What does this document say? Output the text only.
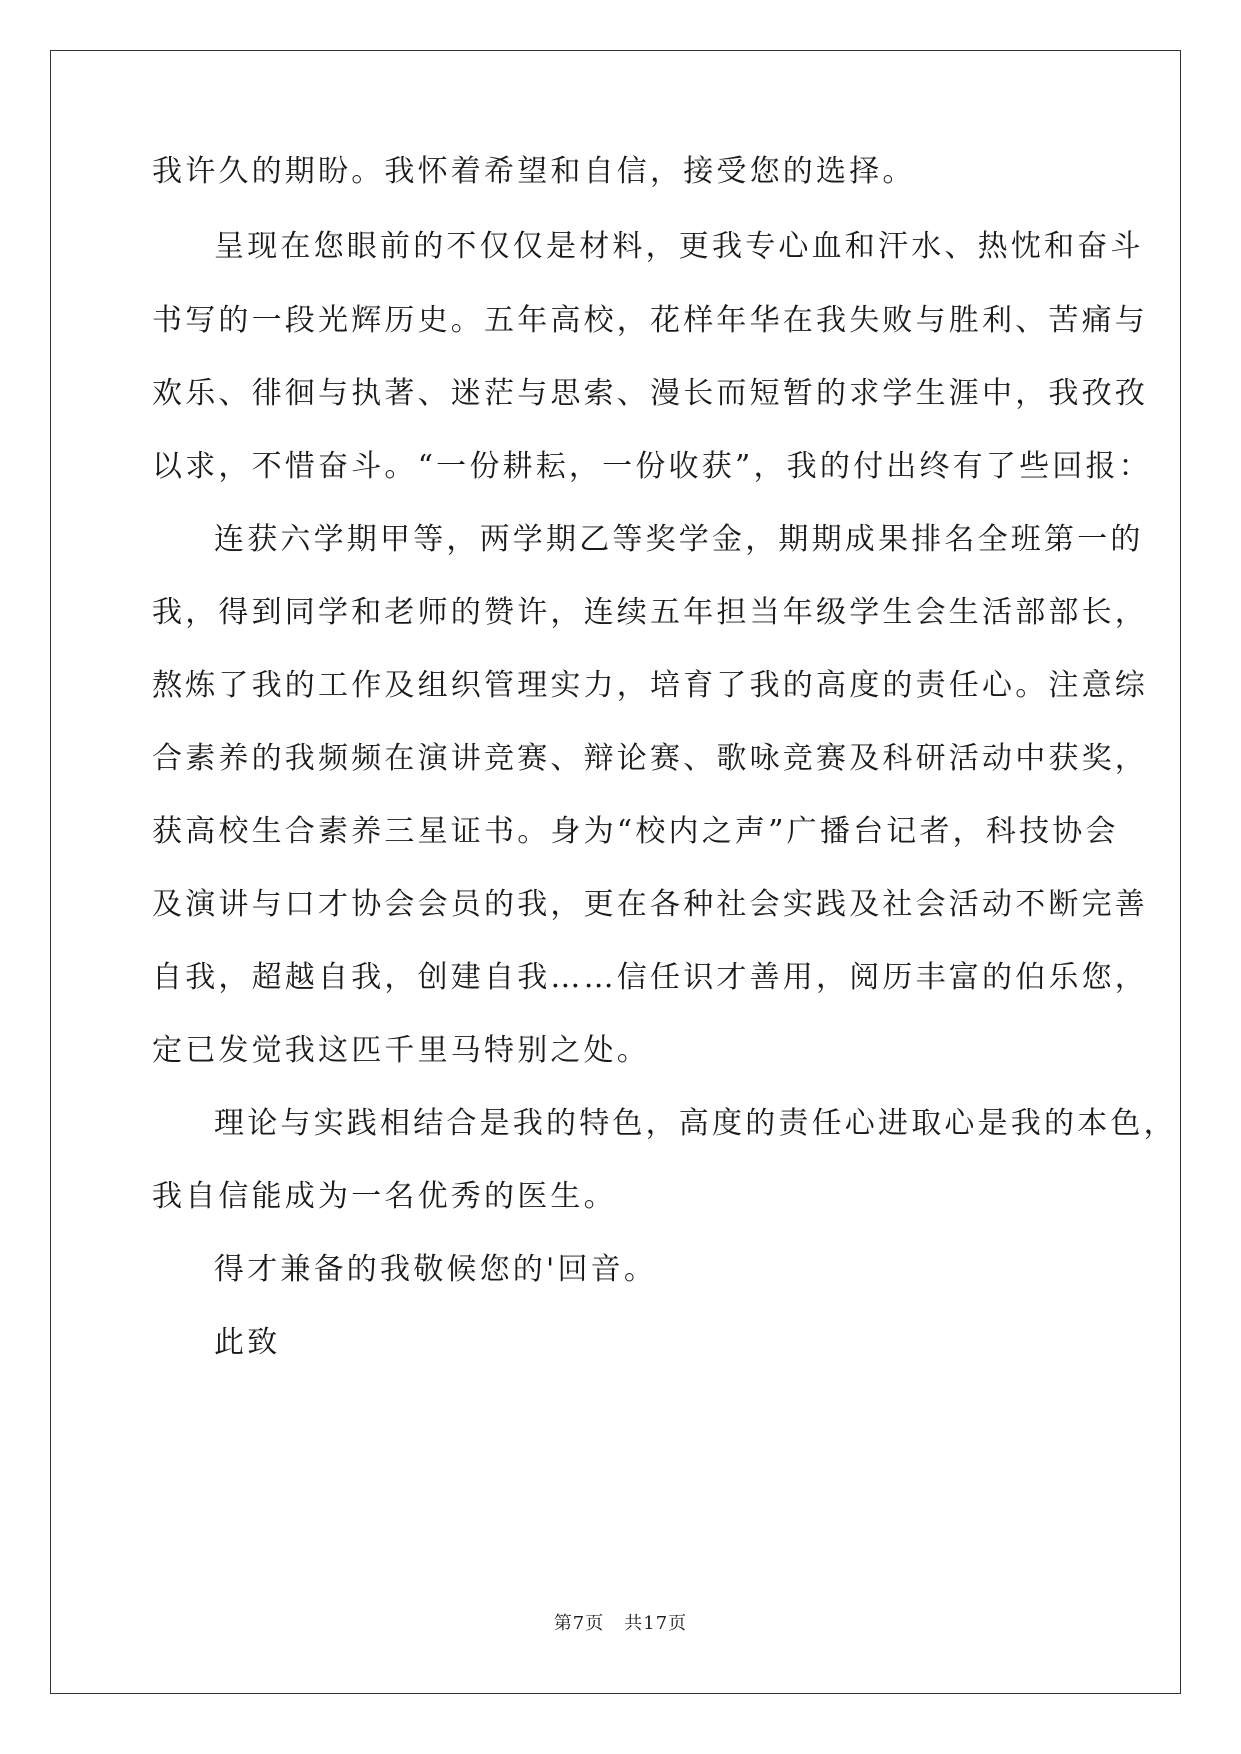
我许久的期盼。我怀着希望和自信，接受您的选择。
呈现在您眼前的不仅仅是材料，更我专心血和汗水、热忱和奋斗
书写的一段光辉历史。五年高校，花样年华在我失败与胜利、苦痛与
欢乐、徘徊与执著、迷茫与思索、漫长而短暂的求学生涯中，我孜孜
以求，不惜奋斗。“一份耕耘，一份收获”，我的付出终有了些回报：
连获六学期甲等，两学期乙等奖学金，期期成果排名全班第一的
我，得到同学和老师的赞许，连续五年担当年级学生会生活部部长，
熬炼了我的工作及组织管理实力，培育了我的高度的责任心。注意综
合素养的我频频在演讲竞赛、辩论赛、歌咏竞赛及科研活动中获奖，
获高校生合素养三星证书。身为“校内之声”广播台记者，科技协会
及演讲与口才协会会员的我，更在各种社会实践及社会活动不断完善
自我，超越自我，创建自我……信任识才善用，阅历丰富的伯乐您，
定已发觉我这匹千里马特别之处。
理论与实践相结合是我的特色，高度的责任心进取心是我的本色，
我自信能成为一名优秀的医生。
得才兼备的我敬候您的'回音。
此致
第7页 共17页
